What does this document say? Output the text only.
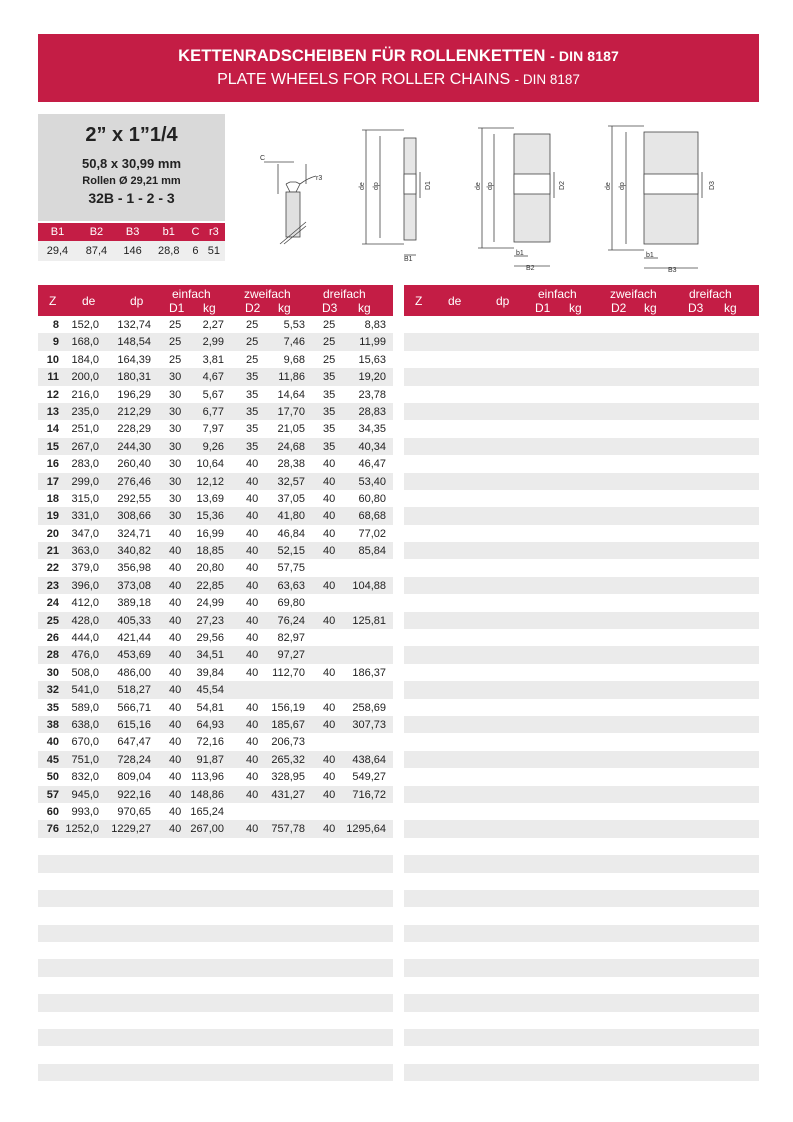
KETTENRADSCHEIBEN FÜR ROLLENKETTEN - DIN 8187
PLATE WHEELS FOR ROLLER CHAINS - DIN 8187
2” x 1”1/4
50,8 x 30,99 mm
Rollen Ø 29,21 mm
32B - 1 - 2 - 3
B1	B2	B3	b1	C	r3
29,4	87,4	146	28,8	6	51
C
r3
de dp	D1
B1
de dp	D2
b1
B2
de dp	D3
b1
B3
Z de	dp einfach
D1 kg
zweifach
D2 kg
dreifach
D3 kg
8 152,0 132,74 25 2,27 25 5,53 25	8,83
9 168,0 148,54 25 2,99 25 7,46 25 11,99
10 184,0 164,39 25 3,81 25 9,68 25 15,63
11 200,0 180,31 30 4,67 35 11,86 35 19,20
12 216,0 196,29 30 5,67 35 14,64 35 23,78
13 235,0 212,29 30 6,77 35 17,70 35 28,83
14 251,0 228,29 30 7,97 35 21,05 35 34,35
15 267,0 244,30 30 9,26 35 24,68 35 40,34
16 283,0 260,40 30 10,64 40 28,38 40 46,47
17 299,0 276,46 30 12,12 40 32,57 40 53,40
18 315,0 292,55 30 13,69 40 37,05 40 60,80
19 331,0 308,66 30 15,36 40 41,80 40 68,68
20 347,0 324,71 40 16,99 40 46,84 40 77,02
21 363,0 340,82 40 18,85 40 52,15 40 85,84
22 379,0 356,98 40 20,80 40 57,75
23 396,0 373,08 40 22,85 40 63,63 40 104,88
24 412,0 389,18 40 24,99 40 69,80
25 428,0 405,33 40 27,23 40 76,24 40 125,81
26 444,0 421,44 40 29,56 40 82,97
28 476,0 453,69 40 34,51 40 97,27
30 508,0 486,00 40 39,84 40 112,70 40 186,37
32 541,0 518,27 40 45,54
35 589,0 566,71 40 54,81 40 156,19 40 258,69
38 638,0 615,16 40 64,93 40 185,67 40 307,73
40 670,0 647,47 40 72,16 40 206,73
45 751,0 728,24 40 91,87 40 265,32 40 438,64
50 832,0 809,04 40 113,96 40 328,95 40 549,27
57 945,0 922,16 40 148,86 40 431,27 40 716,72
60 993,0 970,65 40 165,24
76 1252,0 1229,27 40 267,00 40 757,78 40 1295,64
Z de	dp einfach
D1 kg
zweifach
D2 kg
dreifach
D3 kg
